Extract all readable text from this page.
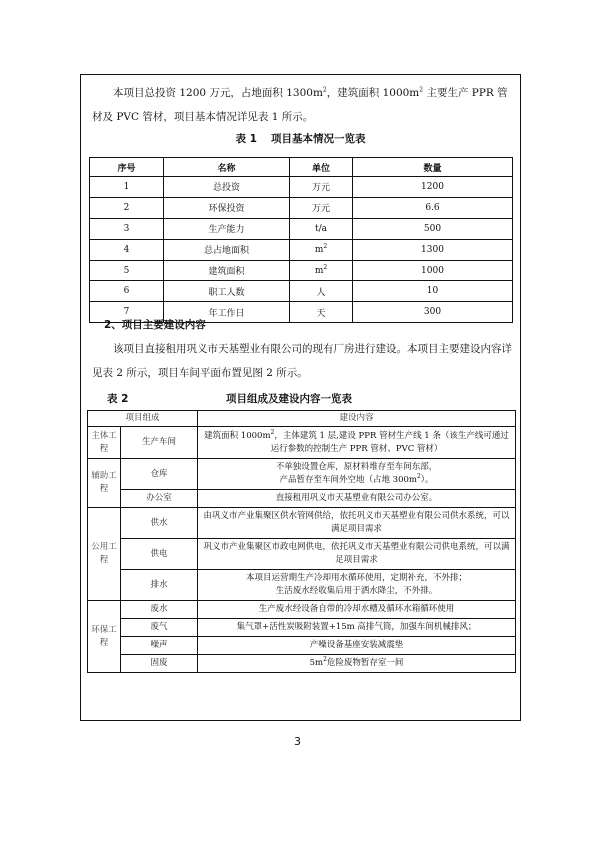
本项目总投资 1200 万元，占地面积 $1300m^2$，建筑面积 $1000m^2$ 主要生产 PPR 管材及 PVC 管材，项目基本情况详见表 1 所示。
表 1 项目基本情况一览表
序号	名称	单位	数量
1	总投资	万元	1200
2	环保投资	万元	6.6
3	生产能力	t/a	500
4	总占地面积	$m^2$	1300
5	建筑面积	$m^2$	1000
6	职工人数	人	10
7	年工作日	天	300
2、项目主要建设内容
该项目直接租用巩义市天基塑业有限公司的现有厂房进行建设。本项目主要建设内容详见表 2 所示，项目车间平面布置见图 2 所示。
表 2	项目组成及建设内容一览表
项目组成		建设内容
主体工程	生产车间	建筑面积 $1000m^2$，主体建筑 1 层,建设 PPR 管材生产线 1 条（该生产线可通过运行参数的控制生产 PPR 管材、PVC 管材）
辅助工程	仓库	不单独设置仓库，原材料堆存至车间东部，
产品暂存至车间外空地（占地 $300m^2$）。
	办公室	直接租用巩义市天基塑业有限公司办公室。
公用工程	供水	由巩义市产业集聚区供水管网供给，依托巩义市天基塑业有限公司供水系统，可以满足项目需求
	供电	巩义市产业集聚区市政电网供电，依托巩义市天基塑业有限公司供电系统，可以满足项目需求
	排水	本项目运营期生产冷却用水循环使用，定期补充，不外排；
生活废水经收集后用于洒水降尘，不外排。
环保工程	废水	生产废水经设备自带的冷却水槽及循环水箱循环使用
	废气	集气罩+活性炭吸附装置+15m 高排气筒，加强车间机械排风；
	噪声	产噪设备基座安装减震垫
	固废	$5m^2$危险废物暂存室一间
3
